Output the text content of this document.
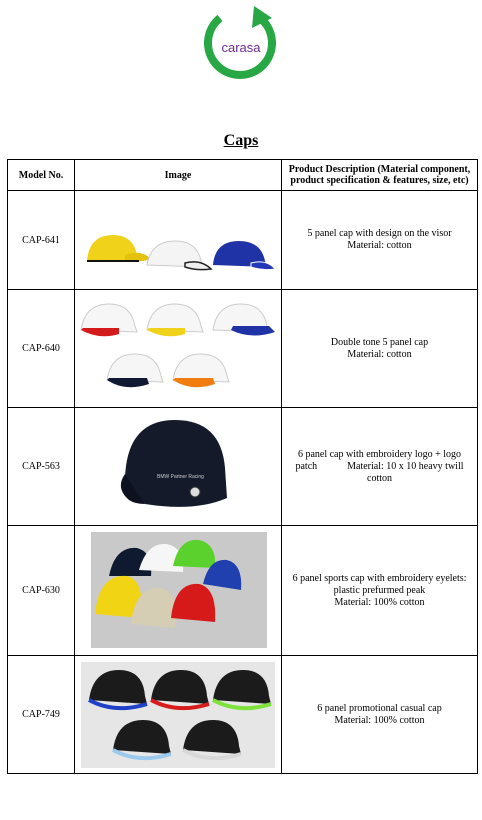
carasa
Caps
Model No.	Image	Product Description (Material component, product specification & features, size, etc)
CAP-641		5 panel cap with design on the visor
Material: cotton

CAP-640		Double tone 5 panel cap
Material: cotton

CAP-563	BMW Partner Racing	6 panel cap with embroidery logo + logo
patch            Material: 10 x 10 heavy twill
cotton

CAP-630		6 panel sports cap with embroidery eyelets:
plastic prefurmed peak
Material: 100% cotton

CAP-749		6 panel promotional casual cap
Material: 100% cotton
